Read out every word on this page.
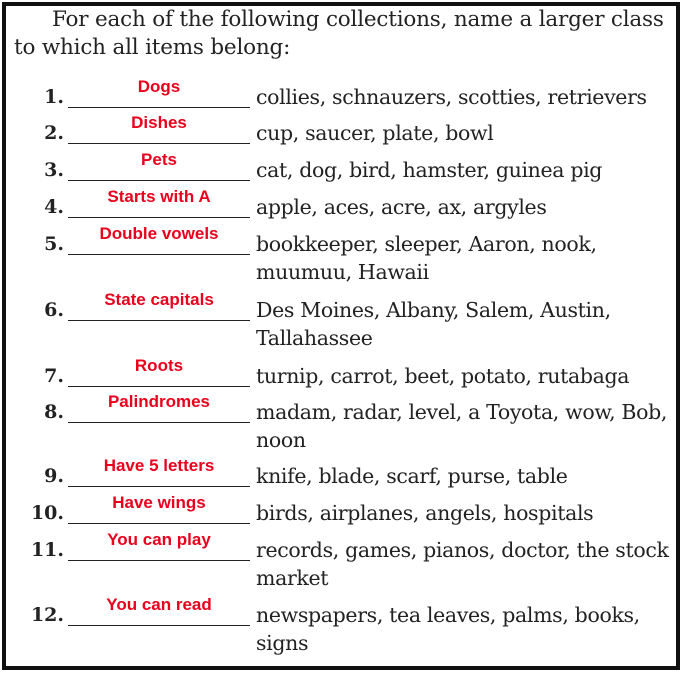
For each of the following collections, name a larger class to which all items belong:
1.	Dogs	collies, schnauzers, scotties, retrievers
2.	Dishes	cup, saucer, plate, bowl
3.	Pets	cat, dog, bird, hamster, guinea pig
4.	Starts with A	apple, aces, acre, ax, argyles
5.	Double vowels	bookkeeper, sleeper, Aaron, nook, muumuu, Hawaii
6.	State capitals	Des Moines, Albany, Salem, Austin, Tallahassee
7.	Roots	turnip, carrot, beet, potato, rutabaga
8.	Palindromes	madam, radar, level, a Toyota, wow, Bob, noon
9.	Have 5 letters	knife, blade, scarf, purse, table
10.	Have wings	birds, airplanes, angels, hospitals
11.	You can play	records, games, pianos, doctor, the stock market
12.	You can read	newspapers, tea leaves, palms, books, signs
